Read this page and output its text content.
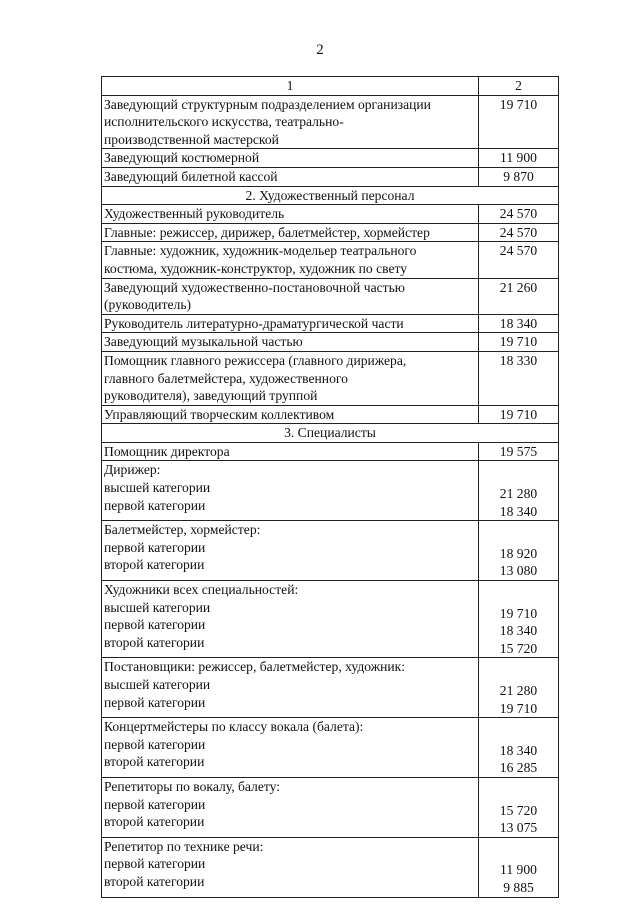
2
1	2

Заведующий структурным подразделением организации
исполнительского искусства, театрально-
производственной мастерской	19 710

Заведующий костюмерной	11 900

Заведующий билетной кассой	9 870

2. Художественный персонал	

Художественный руководитель	24 570

Главные: режиссер, дирижер, балетмейстер, хормейстер	24 570

Главные: художник, художник-модельер театрального
костюма, художник-конструктор, художник по свету	24 570

Заведующий художественно-постановочной частью
(руководитель)	21 260

Руководитель литературно-драматургической части	18 340

Заведующий музыкальной частью	19 710

Помощник главного режиссера (главного дирижера,
главного балетмейстера, художественного
руководителя), заведующий труппой	18 330

Управляющий творческим коллективом	19 710

3. Специалисты	

Помощник директора	19 575

Дирижер:
высшей категории
первой категории	21 280
18 340

Балетмейстер, хормейстер:
первой категории
второй категории	18 920
13 080

Художники всех специальностей:
высшей категории
первой категории
второй категории	19 710
18 340
15 720

Постановщики: режиссер, балетмейстер, художник:
высшей категории
первой категории	21 280
19 710

Концертмейстеры по классу вокала (балета):
первой категории
второй категории	18 340
16 285

Репетиторы по вокалу, балету:
первой категории
второй категории	15 720
13 075

Репетитор по технике речи:
первой категории
второй категории	11 900
9 885
